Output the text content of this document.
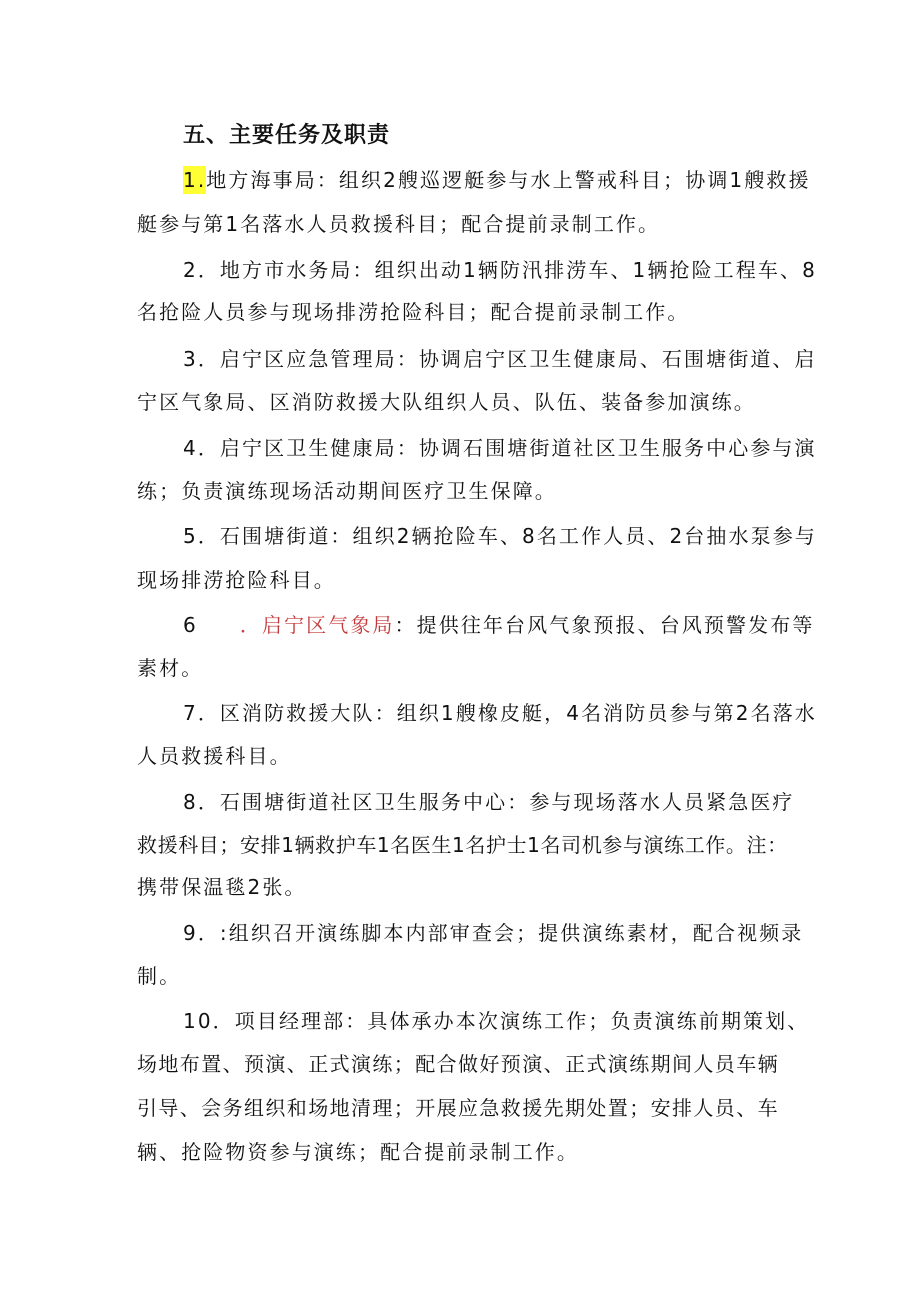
五、主要任务及职责
1.地方海事局：组织2艘巡逻艇参与水上警戒科目；协调1艘救援
艇参与第1名落水人员救援科目；配合提前录制工作。
2．地方市水务局：组织出动1辆防汛排涝车、1辆抢险工程车、8
名抢险人员参与现场排涝抢险科目；配合提前录制工作。
3．启宁区应急管理局：协调启宁区卫生健康局、石围塘街道、启
宁区气象局、区消防救援大队组织人员、队伍、装备参加演练。
4．启宁区卫生健康局：协调石围塘街道社区卫生服务中心参与演
练；负责演练现场活动期间医疗卫生保障。
5．石围塘街道：组织2辆抢险车、8名工作人员、2台抽水泵参与
现场排涝抢险科目。
6 ．启宁区气象局：提供往年台风气象预报、台风预警发布等
素材。
7．区消防救援大队：组织1艘橡皮艇，4名消防员参与第2名落水
人员救援科目。
8．石围塘街道社区卫生服务中心：参与现场落水人员紧急医疗
救援科目；安排1辆救护车1名医生1名护士1名司机参与演练工作。注：
携带保温毯2张。
9．:组织召开演练脚本内部审查会；提供演练素材，配合视频录
制。
10．项目经理部：具体承办本次演练工作；负责演练前期策划、
场地布置、预演、正式演练；配合做好预演、正式演练期间人员车辆
引导、会务组织和场地清理；开展应急救援先期处置；安排人员、车
辆、抢险物资参与演练；配合提前录制工作。
